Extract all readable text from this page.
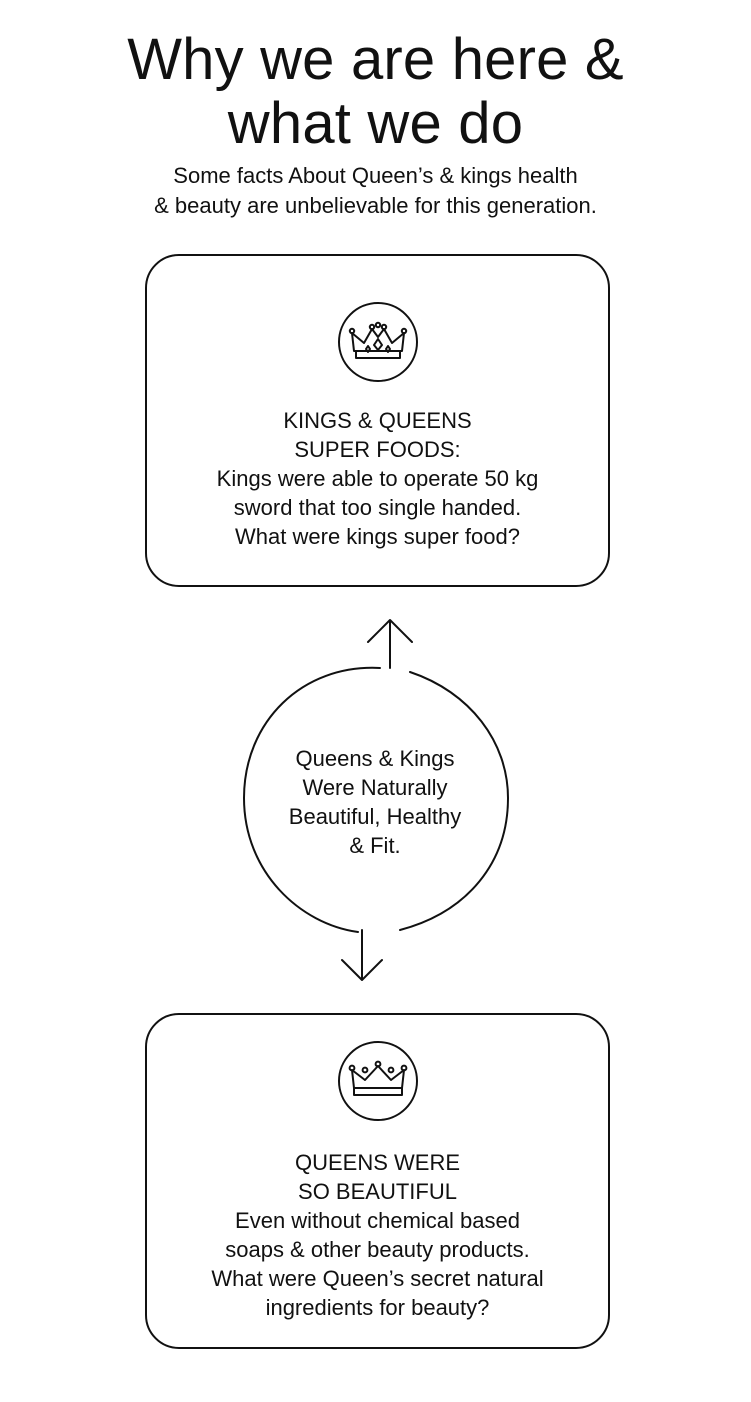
Why we are here &
what we do
Some facts About Queen’s & kings health
& beauty are unbelievable for this generation.
KINGS & QUEENS
SUPER FOODS:
Kings were able to operate 50 kg
sword that too single handed.
What were kings super food?
Queens & Kings
Were Naturally
Beautiful, Healthy
& Fit.
QUEENS WERE
SO BEAUTIFUL
Even without chemical based
soaps & other beauty products.
What were Queen’s secret natural
ingredients for beauty?
